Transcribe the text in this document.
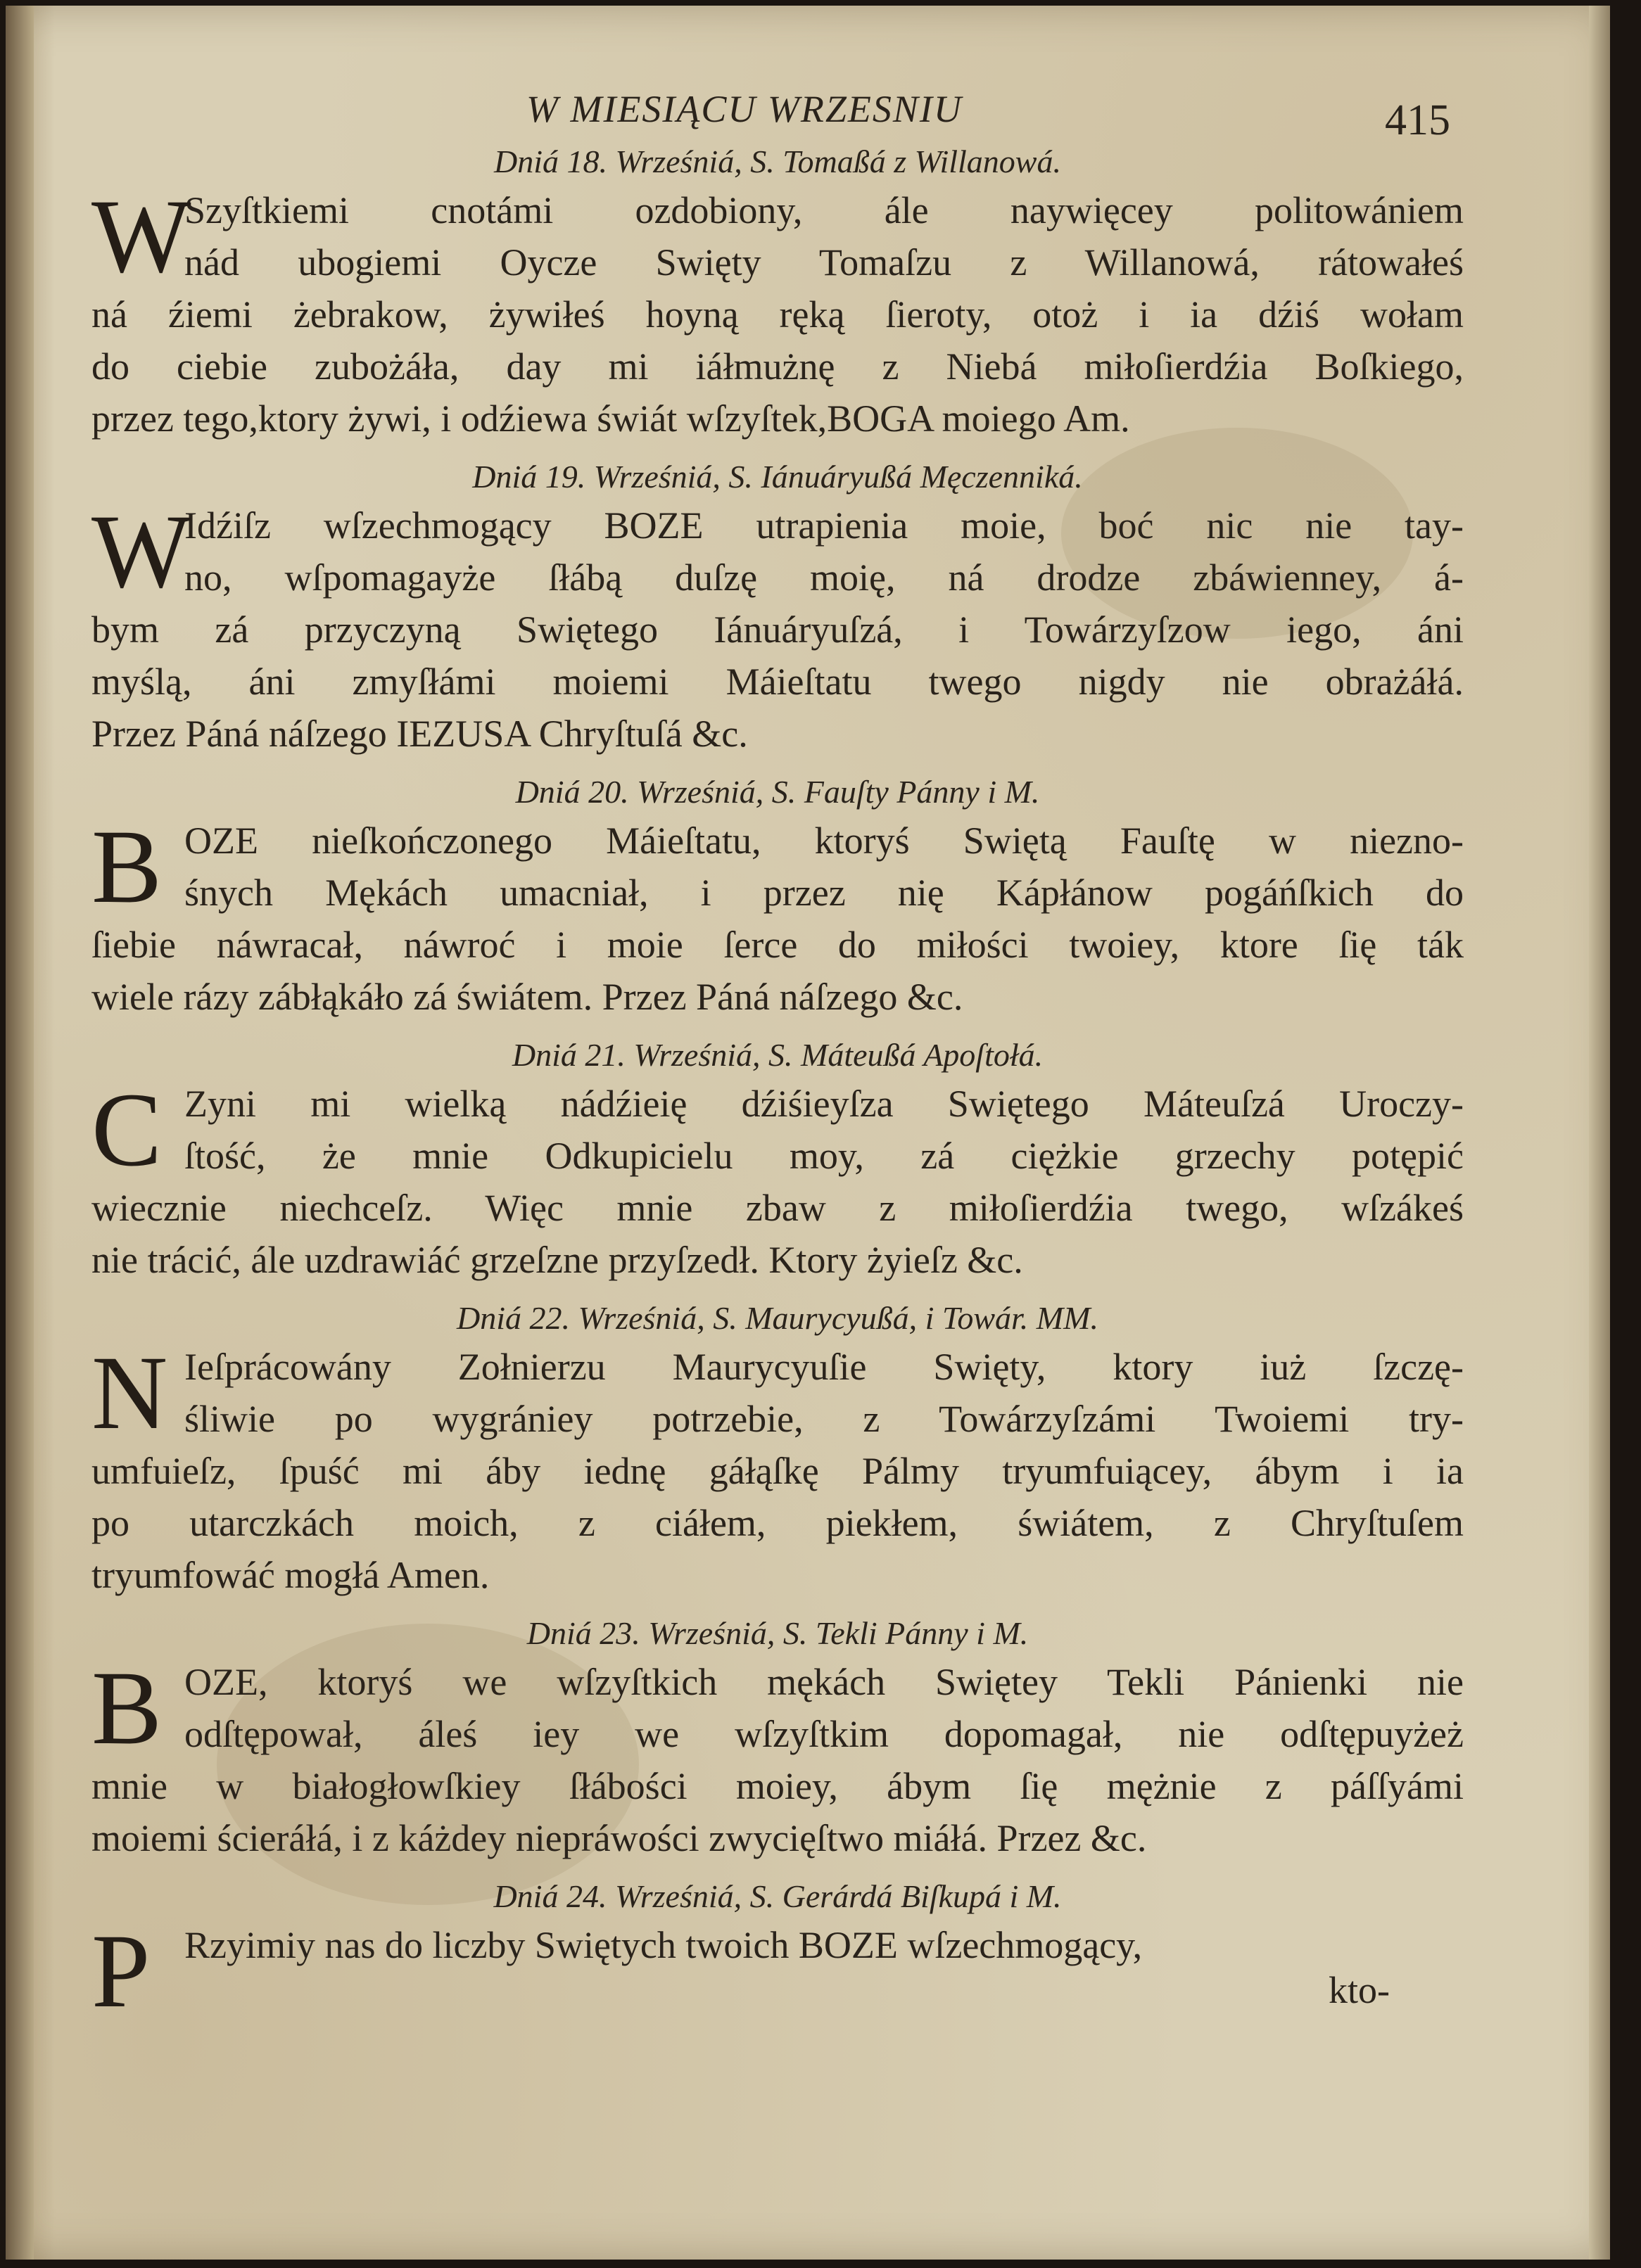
W MIESIĄCU WRZESNIU	415

Dniá 18. Wrześniá, S. Tomaßá z Willanowá.

W
Szyſtkiemi cnotámi ozdobiony, ále naywięcey politowániem
nád ubogiemi Oycze Swięty Tomaſzu z Willanowá, rátowałeś
ná źiemi żebrakow, żywiłeś hoyną ręką ſieroty, otoż i ia dźiś wołam
do ciebie zubożáła, day mi iáłmużnę z Niebá miłoſierdźia Boſkiego,
przez tego,ktory żywi, i odźiewa świát wſzyſtek,BOGA moiego Am.

Dniá 19. Wrześniá, S. Iánuáryußá Męczenniká.

W
Idźiſz wſzechmogący BOZE utrapienia moie, boć nic nie tay-
no, wſpomagayże ſłábą duſzę moię, ná drodze zbáwienney, á-
bym zá przyczyną Swiętego Iánuáryuſzá, i Towárzyſzow iego, áni
myślą, áni zmyſłámi moiemi Máieſtatu twego nigdy nie obrażáłá.
Przez Páná náſzego IEZUSA Chryſtuſá &c.

Dniá 20. Wrześniá, S. Fauſty Pánny i M.

B OZE nieſkończonego Máieſtatu, ktoryś Swiętą Fauſtę w niezno-
śnych Mękách umacniał, i przez nię Kápłánow pogáńſkich do
ſiebie náwracał, náwroć i moie ſerce do miłości twoiey, ktore ſię ták
wiele rázy zábłąkáło zá świátem. Przez Páná náſzego &c.

Dniá 21. Wrześniá, S. Máteußá Apoſtołá.

C Zyni mi wielką nádźieię dźiśieyſza Swiętego Máteuſzá Uroczy-
ſtość, że mnie Odkupicielu moy, zá ciężkie grzechy potępić
wiecznie niechceſz. Więc mnie zbaw z miłoſierdźia twego, wſzákeś
nie trácić, ále uzdrawiáć grzeſzne przyſzedł. Ktory żyieſz &c.

Dniá 22. Wrześniá, S. Maurycyußá, i Towár. MM.

N Ieſprácowány Zołnierzu Maurycyuſie Swięty, ktory iuż ſzczę-
śliwie po wygrániey potrzebie, z Towárzyſzámi Twoiemi try-
umfuieſz, ſpuść mi áby iednę gáłąſkę Pálmy tryumfuiącey, ábym i ia
po utarczkách moich, z ciáłem, piekłem, świátem, z Chryſtuſem
tryumfowáć mogłá Amen.

Dniá 23. Wrześniá, S. Tekli Pánny i M.

B OZE, ktoryś we wſzyſtkich mękách Swiętey Tekli Pánienki nie
odſtępował, áleś iey we wſzyſtkim dopomagał, nie odſtępuyżeż
mnie w białogłowſkiey ſłábości moiey, ábym ſię mężnie z páſſyámi
moiemi ścieráłá, i z káżdey niepráwości zwycięſtwo miáłá. Przez &c.

Dniá 24. Wrześniá, S. Gerárdá Biſkupá i M.

P Rzyimiy nas do liczby Swiętych twoich BOZE wſzechmogący,
kto-
